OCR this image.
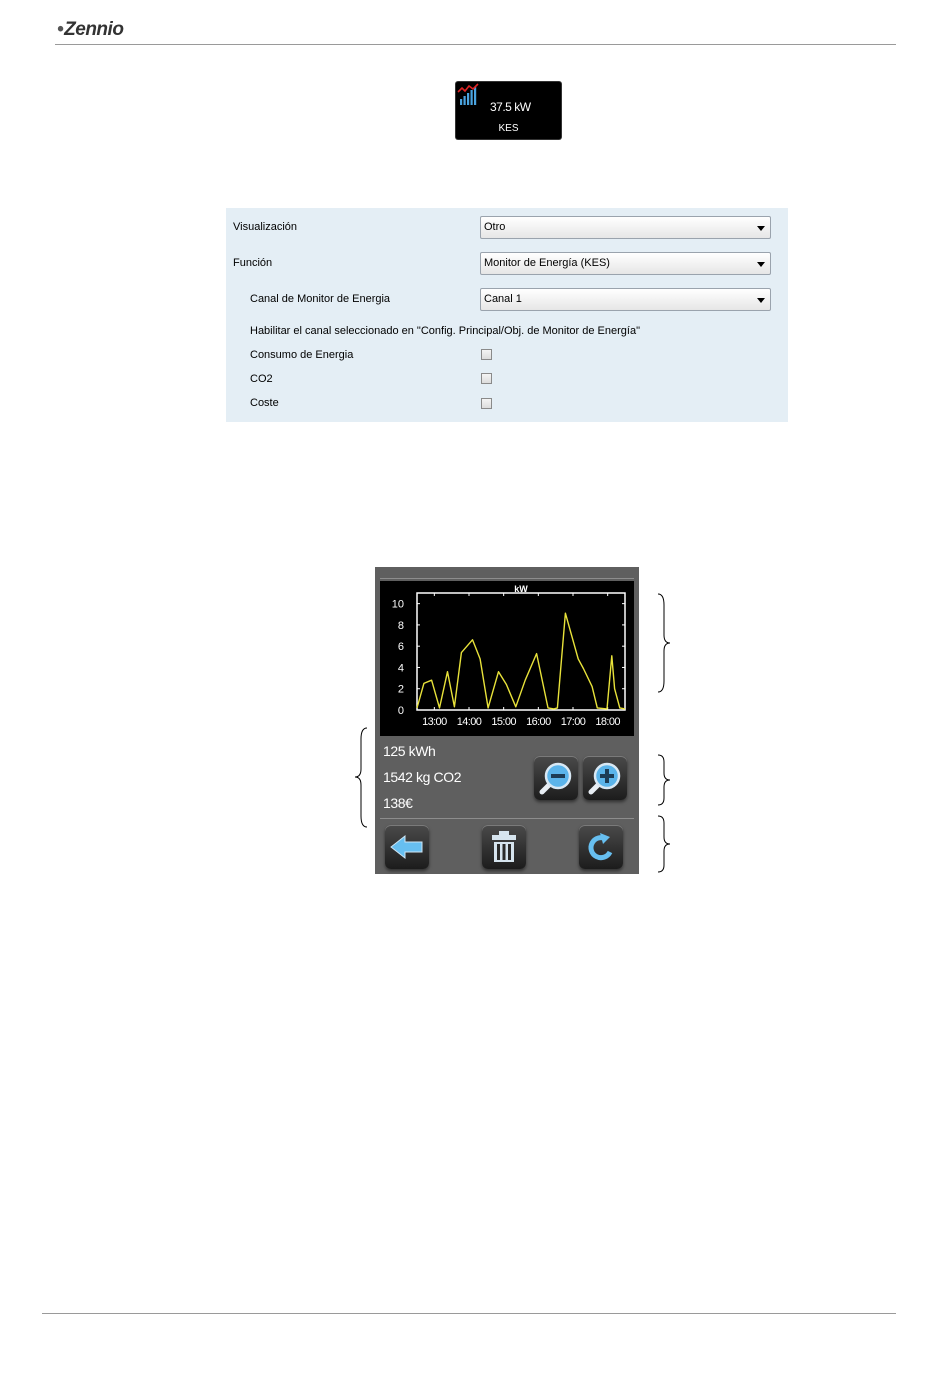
•Zennio
37.5 kW
KES
Visualización	Otro
Función	Monitor de Energía (KES)
Canal de Monitor de Energia	Canal 1
Habilitar el canal seleccionado en "Config. Principal/Obj. de Monitor de Energía"
Consumo de Energia
CO2
Coste
kW
0
2
4
6
8
10
13:00 14:00 15:00 16:00 17:00 18:00
125 kWh
1542 kg CO2
138€
